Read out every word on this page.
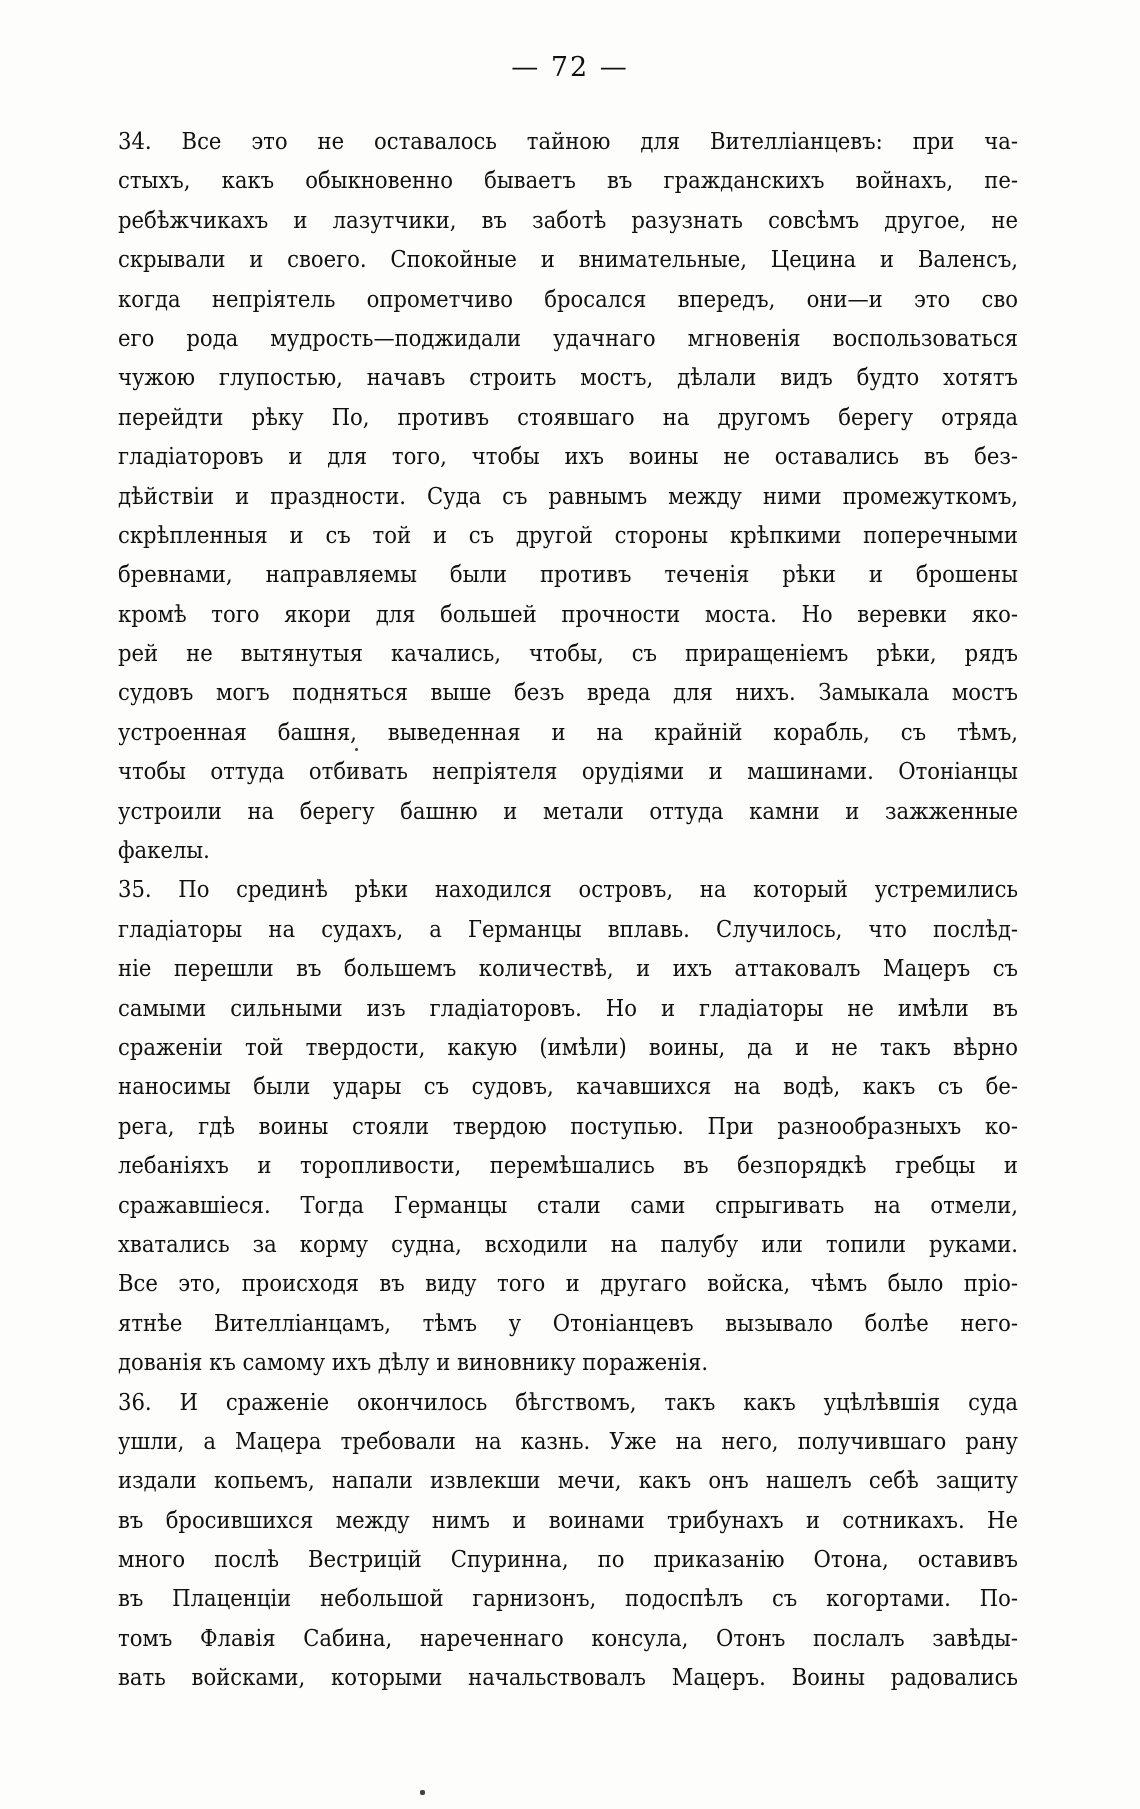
— 72 —
34. Все это не оставалось тайною для Вителліанцевъ: при ча-
стыхъ, какъ обыкновенно бываетъ въ гражданскихъ войнахъ, пе-
ребѣжчикахъ и лазутчики, въ заботѣ разузнать совсѣмъ другое, не
скрывали и своего. Спокойные и внимательные, Цецина и Валенсъ,
когда непріятель опрометчиво бросался впередъ, они—и это сво
его рода мудрость—поджидали удачнаго мгновенія воспользоваться
чужою глупостью, начавъ строить мостъ, дѣлали видъ будто хотятъ
перейдти рѣку По, противъ стоявшаго на другомъ берегу отряда
гладіаторовъ и для того, чтобы ихъ воины не оставались въ без-
дѣйствіи и праздности. Суда съ равнымъ между ними промежуткомъ,
скрѣпленныя и съ той и съ другой стороны крѣпкими поперечными
бревнами, направляемы были противъ теченія рѣки и брошены
кромѣ того якори для большей прочности моста. Но веревки яко-
рей не вытянутыя качались, чтобы, съ приращеніемъ рѣки, рядъ
судовъ могъ подняться выше безъ вреда для нихъ. Замыкала мостъ
устроенная башня, выведенная и на крайній корабль, съ тѣмъ,
чтобы оттуда отбивать непріятеля орудіями и машинами. Отоніанцы
устроили на берегу башню и метали оттуда камни и зажженные
факелы.
35. По срединѣ рѣки находился островъ, на который устремились
гладіаторы на судахъ, а Германцы вплавь. Случилось, что послѣд-
ніе перешли въ большемъ количествѣ, и ихъ аттаковалъ Мацеръ съ
самыми сильными изъ гладіаторовъ. Но и гладіаторы не имѣли въ
сраженіи той твердости, какую (имѣли) воины, да и не такъ вѣрно
наносимы были удары съ судовъ, качавшихся на водѣ, какъ съ бе-
рега, гдѣ воины стояли твердою поступью. При разнообразныхъ ко-
лебаніяхъ и торопливости, перемѣшались въ безпорядкѣ гребцы и
сражавшіеся. Тогда Германцы стали сами спрыгивать на отмели,
хватались за корму судна, всходили на палубу или топили руками.
Все это, происходя въ виду того и другаго войска, чѣмъ было пріо-
ятнѣе Вителліанцамъ, тѣмъ у Отоніанцевъ вызывало болѣе него-
дованія къ самому ихъ дѣлу и виновнику пораженія.
36. И сраженіе окончилось бѣгствомъ, такъ какъ уцѣлѣвшія суда
ушли, а Мацера требовали на казнь. Уже на него, получившаго рану
издали копьемъ, напали извлекши мечи, какъ онъ нашелъ себѣ защиту
въ бросившихся между нимъ и воинами трибунахъ и сотникахъ. Не
много послѣ Вестрицій Спуринна, по приказанію Отона, оставивъ
въ Плаценціи небольшой гарнизонъ, подоспѣлъ съ когортами. По-
томъ Флавія Сабина, нареченнаго консула, Отонъ послалъ завѣды-
вать войсками, которыми начальствовалъ Мацеръ. Воины радовались
